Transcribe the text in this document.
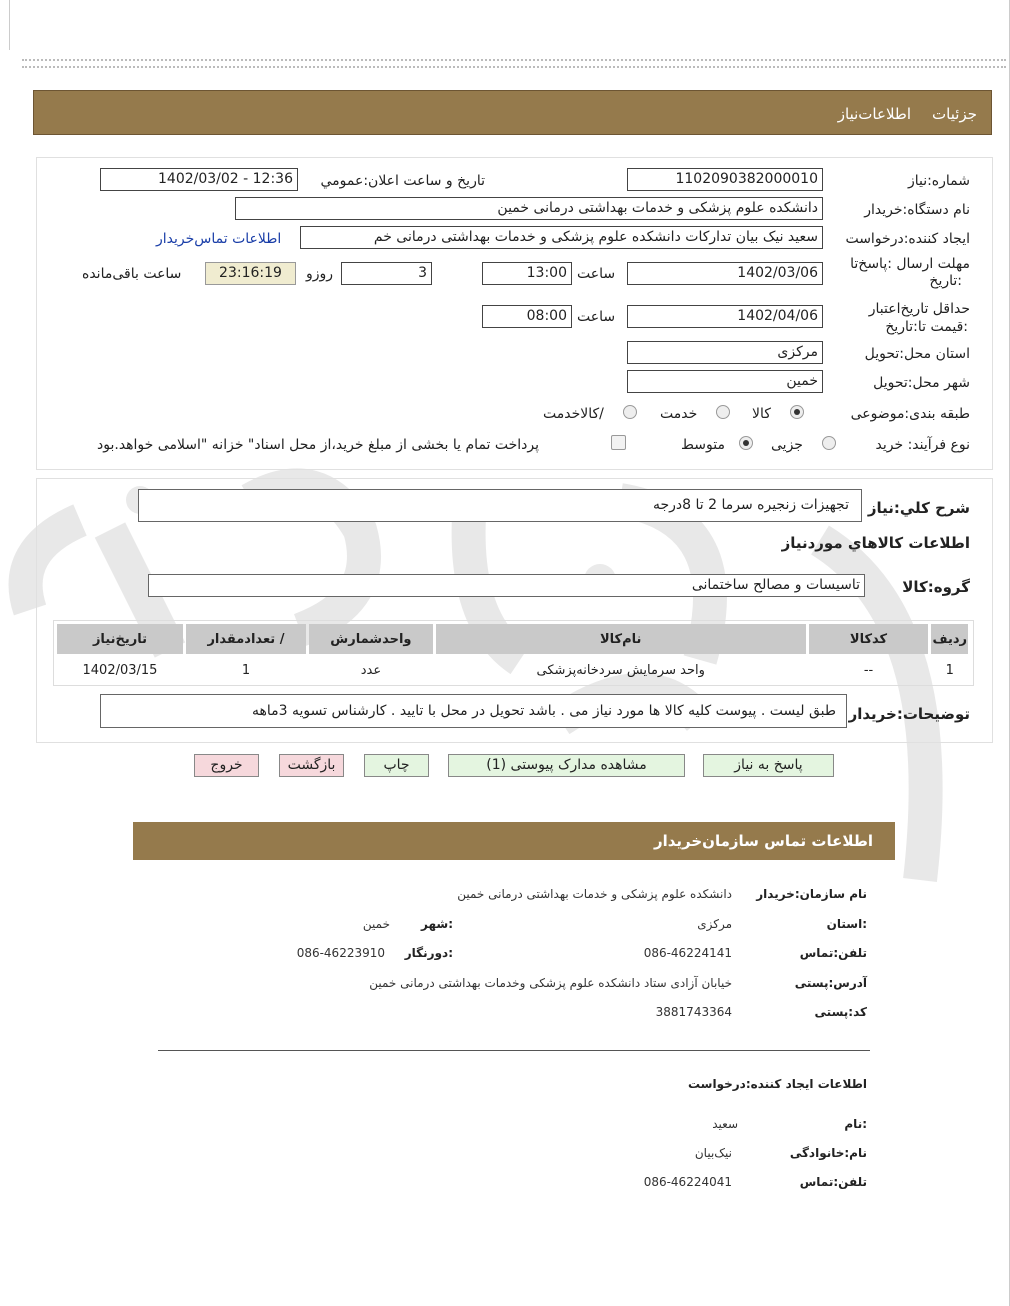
جزئیات
اطلاعات‌نیاز
شماره:نیاز
1102090382000010
تاریخ و ساعت اعلان:عمومي
1402/03/02 - 12:36
نام دستگاه:خریدار
دانشکده علوم پزشکی و خدمات بهداشتی درمانی خمین
ایجاد کننده:درخواست
سعید نیک بیان تدارکات دانشکده علوم پزشکی و خدمات بهداشتی درمانی خم
اطلاعات تماس‌خریدار
مهلت ارسال :پاسخ‌تا
:تاریخ
1402/03/06
ساعت
13:00
3
روزو
23:16:19
ساعت باقی‌مانده
حداقل تاریخ‌اعتبار
:قیمت تا:تاریخ
1402/04/06
ساعت
08:00
استان محل:تحویل
مرکزی
شهر محل:تحویل
خمین
طبقه بندی:موضوعی
کالا
خدمت
/کالاخدمت
نوع فرآیند: خرید
جزیی
متوسط
پرداخت تمام یا بخشی از مبلغ خرید،از محل اسناد" خزانه "اسلامی خواهد.بود
شرح کلي:نیاز
تجهیزات زنجیره سرما 2 تا 8درجه
اطلاعات کالاهاي مورد‌نیاز
گروه:کالا
تاسیسات و مصالح ساختمانی
ردیف	کدکالا	نام‌کالا	واحدشمارش	/ تعدادمقدار	تاریخ‌نیاز
1	--	واحد سرمایش سردخانه‌پزشکی	عدد	1	1402/03/15
توضیحات:خریدار
طبق لیست . پیوست کلیه کالا ها مورد نیاز می . باشد تحویل در محل با تایید . کارشناس تسویه 3ماهه
پاسخ به نیاز
مشاهده مدارک پیوستی (1)
چاپ
بازگشت
خروج
اطلاعات تماس سازمان‌خریدار
نام سازمان:خریدار
دانشکده علوم پزشکی و خدمات بهداشتی درمانی خمین
:استان
مرکزی
:شهر
خمین
تلفن:تماس
086-46224141
:دورنگار
086-46223910
آدرس:پستی
خیابان آزادی ستاد دانشکده علوم پزشکی وخدمات بهداشتی درمانی خمین
کد:پستی
3881743364
اطلاعات ایجاد کننده:درخواست
:نام
سعید
نام:خانوادگی
نیک‌بیان
تلفن:تماس
086-46224041
